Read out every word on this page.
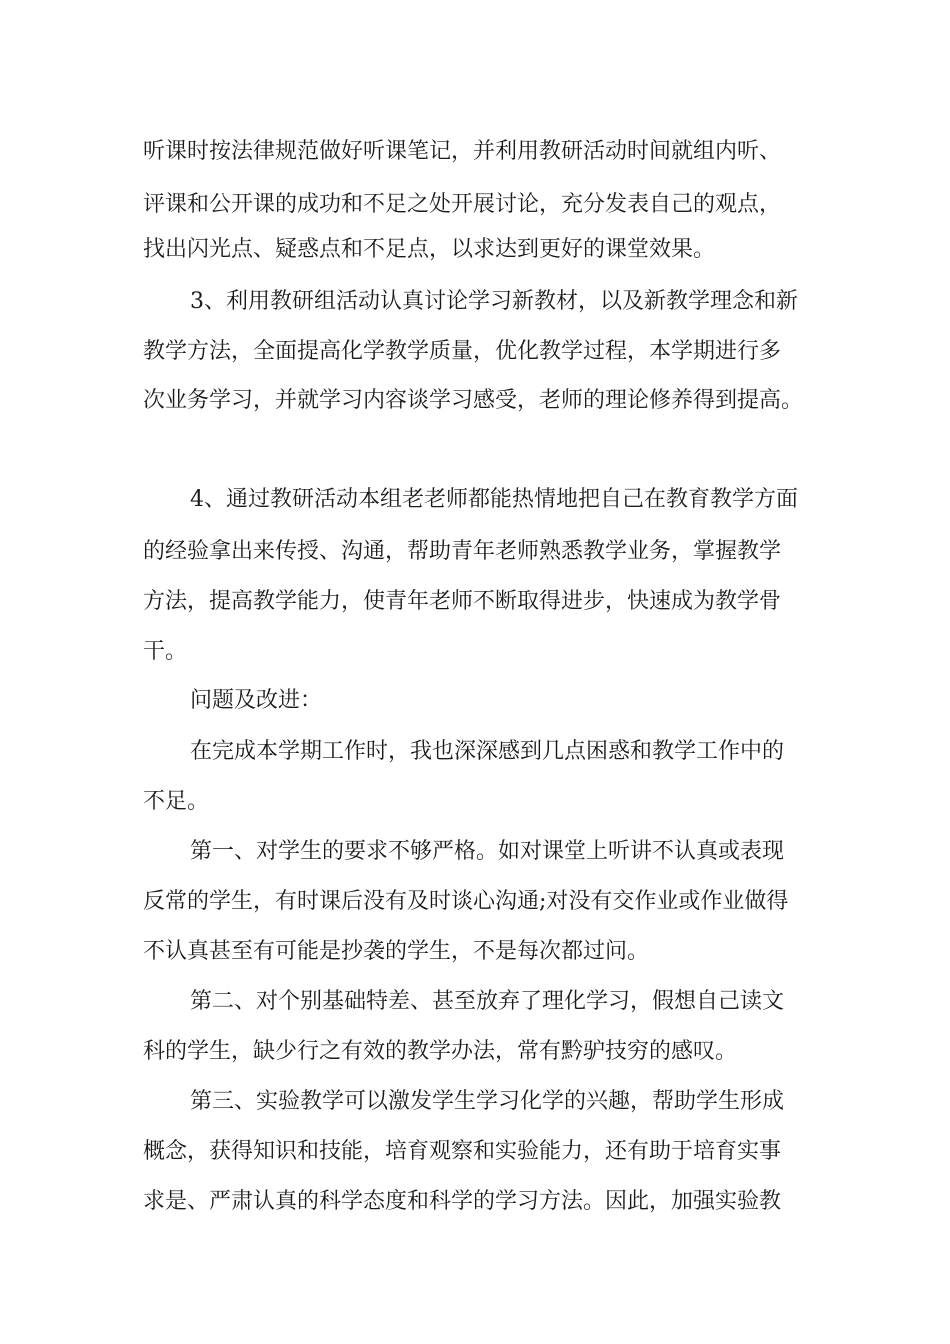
听课时按法律规范做好听课笔记，并利用教研活动时间就组内听、
评课和公开课的成功和不足之处开展讨论，充分发表自己的观点，
找出闪光点、疑惑点和不足点，以求达到更好的课堂效果。
3、利用教研组活动认真讨论学习新教材，以及新教学理念和新
教学方法，全面提高化学教学质量，优化教学过程，本学期进行多
次业务学习，并就学习内容谈学习感受，老师的理论修养得到提高。
4、通过教研活动本组老老师都能热情地把自己在教育教学方面
的经验拿出来传授、沟通，帮助青年老师熟悉教学业务，掌握教学
方法，提高教学能力，使青年老师不断取得进步，快速成为教学骨
干。
问题及改进：
在完成本学期工作时，我也深深感到几点困惑和教学工作中的
不足。
第一、对学生的要求不够严格。如对课堂上听讲不认真或表现
反常的学生，有时课后没有及时谈心沟通;对没有交作业或作业做得
不认真甚至有可能是抄袭的学生，不是每次都过问。
第二、对个别基础特差、甚至放弃了理化学习，假想自己读文
科的学生，缺少行之有效的教学办法，常有黔驴技穷的感叹。
第三、实验教学可以激发学生学习化学的兴趣，帮助学生形成
概念，获得知识和技能，培育观察和实验能力，还有助于培育实事
求是、严肃认真的科学态度和科学的学习方法。因此，加强实验教
